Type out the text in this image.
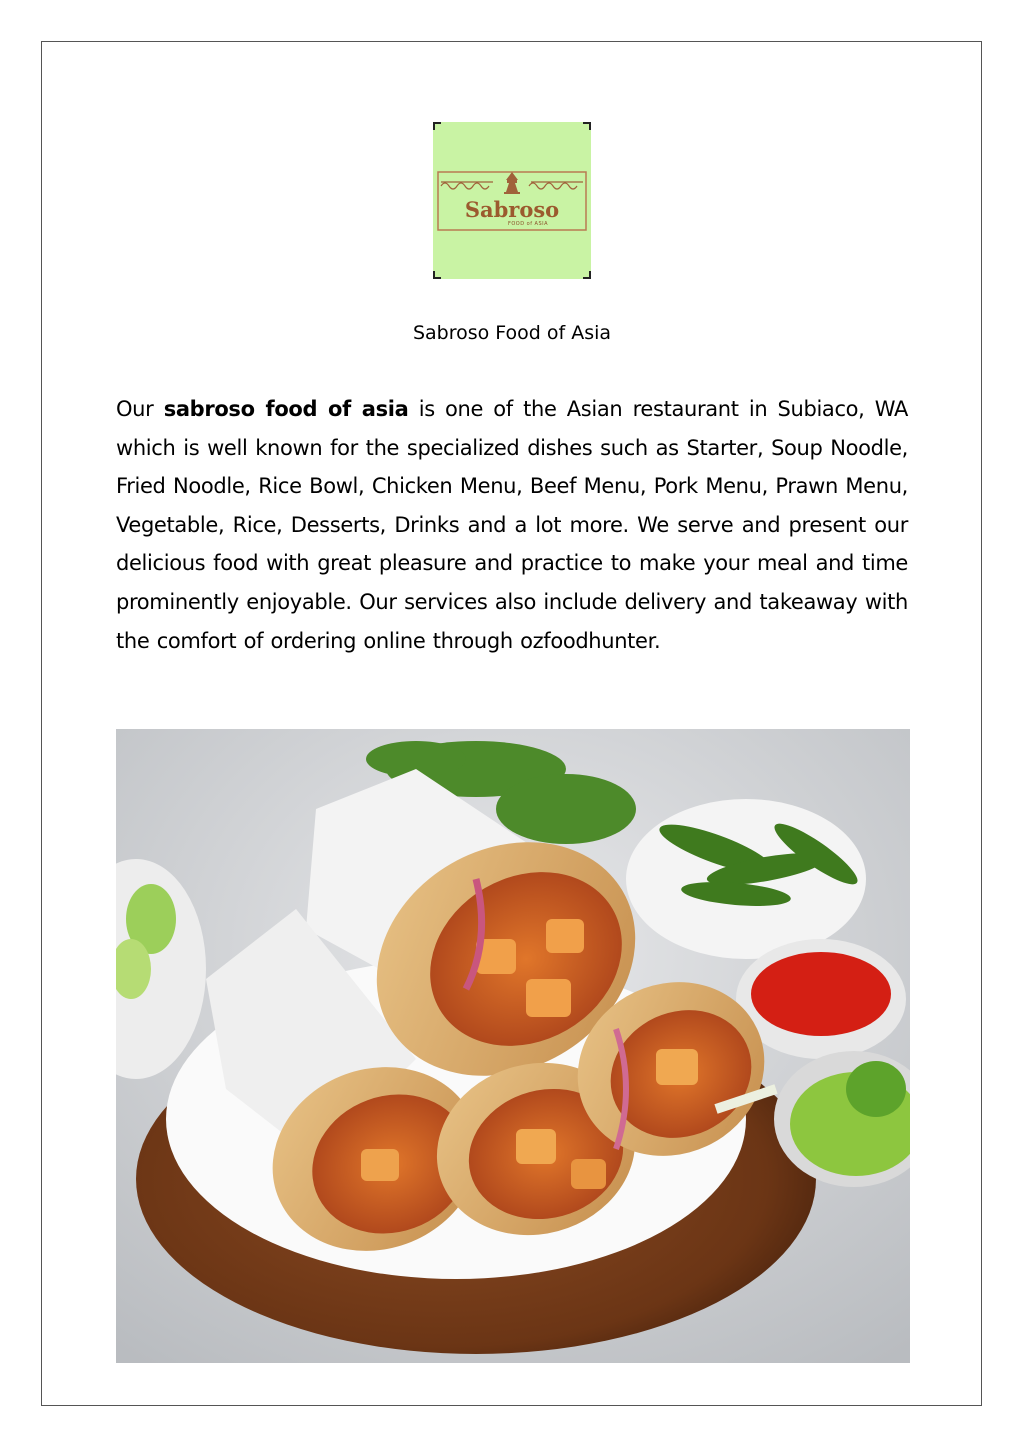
Sabroso
FOOD of ASIA
Sabroso Food of Asia

Our sabroso food of asia is one of the Asian restaurant in Subiaco, WA which is well known for the specialized dishes such as Starter, Soup Noodle, Fried Noodle, Rice Bowl, Chicken Menu, Beef Menu, Pork Menu, Prawn Menu, Vegetable, Rice, Desserts, Drinks and a lot more. We serve and present our delicious food with great pleasure and practice to make your meal and time prominently enjoyable. Our services also include delivery and takeaway with the comfort of ordering online through ozfoodhunter.
